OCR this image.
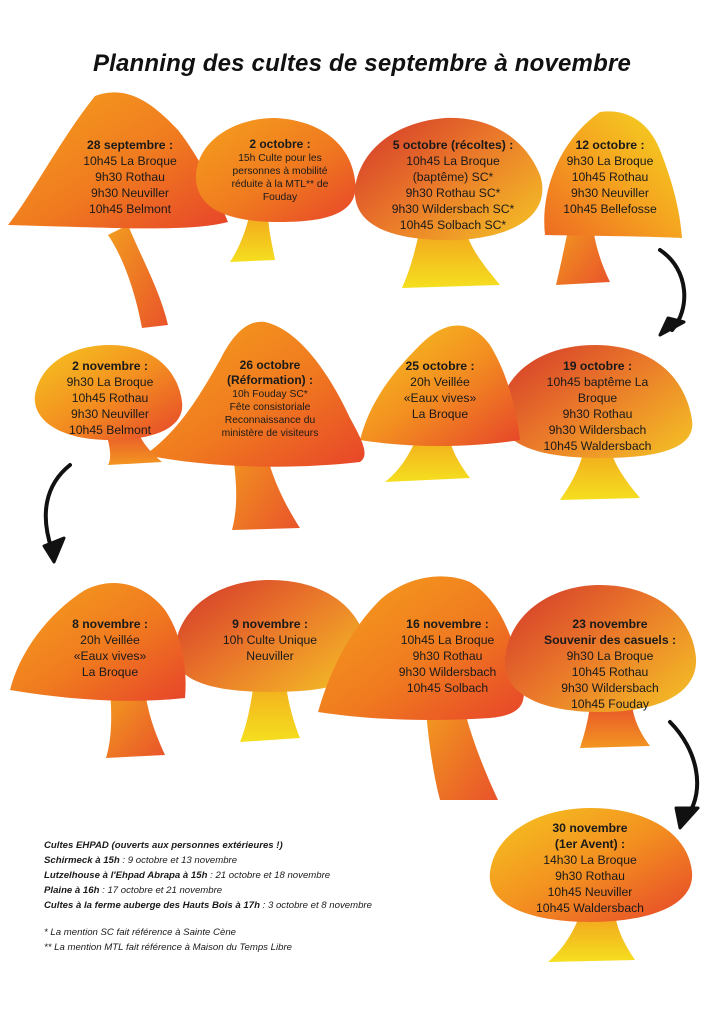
Planning des cultes de septembre à novembre
28 septembre :
10h45 La Broque
9h30 Rothau
9h30 Neuviller
10h45 Belmont
2 octobre :
15h Culte pour les
personnes à mobilité
réduite à la MTL** de
Fouday
5 octobre (récoltes) :
10h45 La Broque
(baptême) SC*
9h30 Rothau SC*
9h30 Wildersbach SC*
10h45 Solbach SC*
12 octobre :
9h30 La Broque
10h45 Rothau
9h30 Neuviller
10h45 Bellefosse
2 novembre :
9h30 La Broque
10h45 Rothau
9h30 Neuviller
10h45 Belmont
26 octobre
(Réformation) :
10h Fouday SC*
Fête consistoriale
Reconnaissance du
ministère de visiteurs
25 octobre :
20h Veillée
«Eaux vives»
La Broque
19 octobre :
10h45 baptême La
Broque
9h30 Rothau
9h30 Wildersbach
10h45 Waldersbach
8 novembre :
20h Veillée
«Eaux vives»
La Broque
9 novembre :
10h Culte Unique
Neuviller
16 novembre :
10h45 La Broque
9h30 Rothau
9h30 Wildersbach
10h45 Solbach
23 novembre
Souvenir des casuels :
9h30 La Broque
10h45 Rothau
9h30 Wildersbach
10h45 Fouday
30 novembre
(1er Avent) :
14h30 La Broque
9h30 Rothau
10h45 Neuviller
10h45 Waldersbach
Cultes EHPAD (ouverts aux personnes extérieures !)
Schirmeck à 15h : 9 octobre et 13 novembre
Lutzelhouse à l'Ehpad Abrapa à 15h : 21 octobre et 18 novembre
Plaine à 16h : 17 octobre et 21 novembre
Cultes à la ferme auberge des Hauts Bois à 17h : 3 octobre et 8 novembre
* La mention SC fait référence à Sainte Cène
** La mention MTL fait référence à Maison du Temps Libre
